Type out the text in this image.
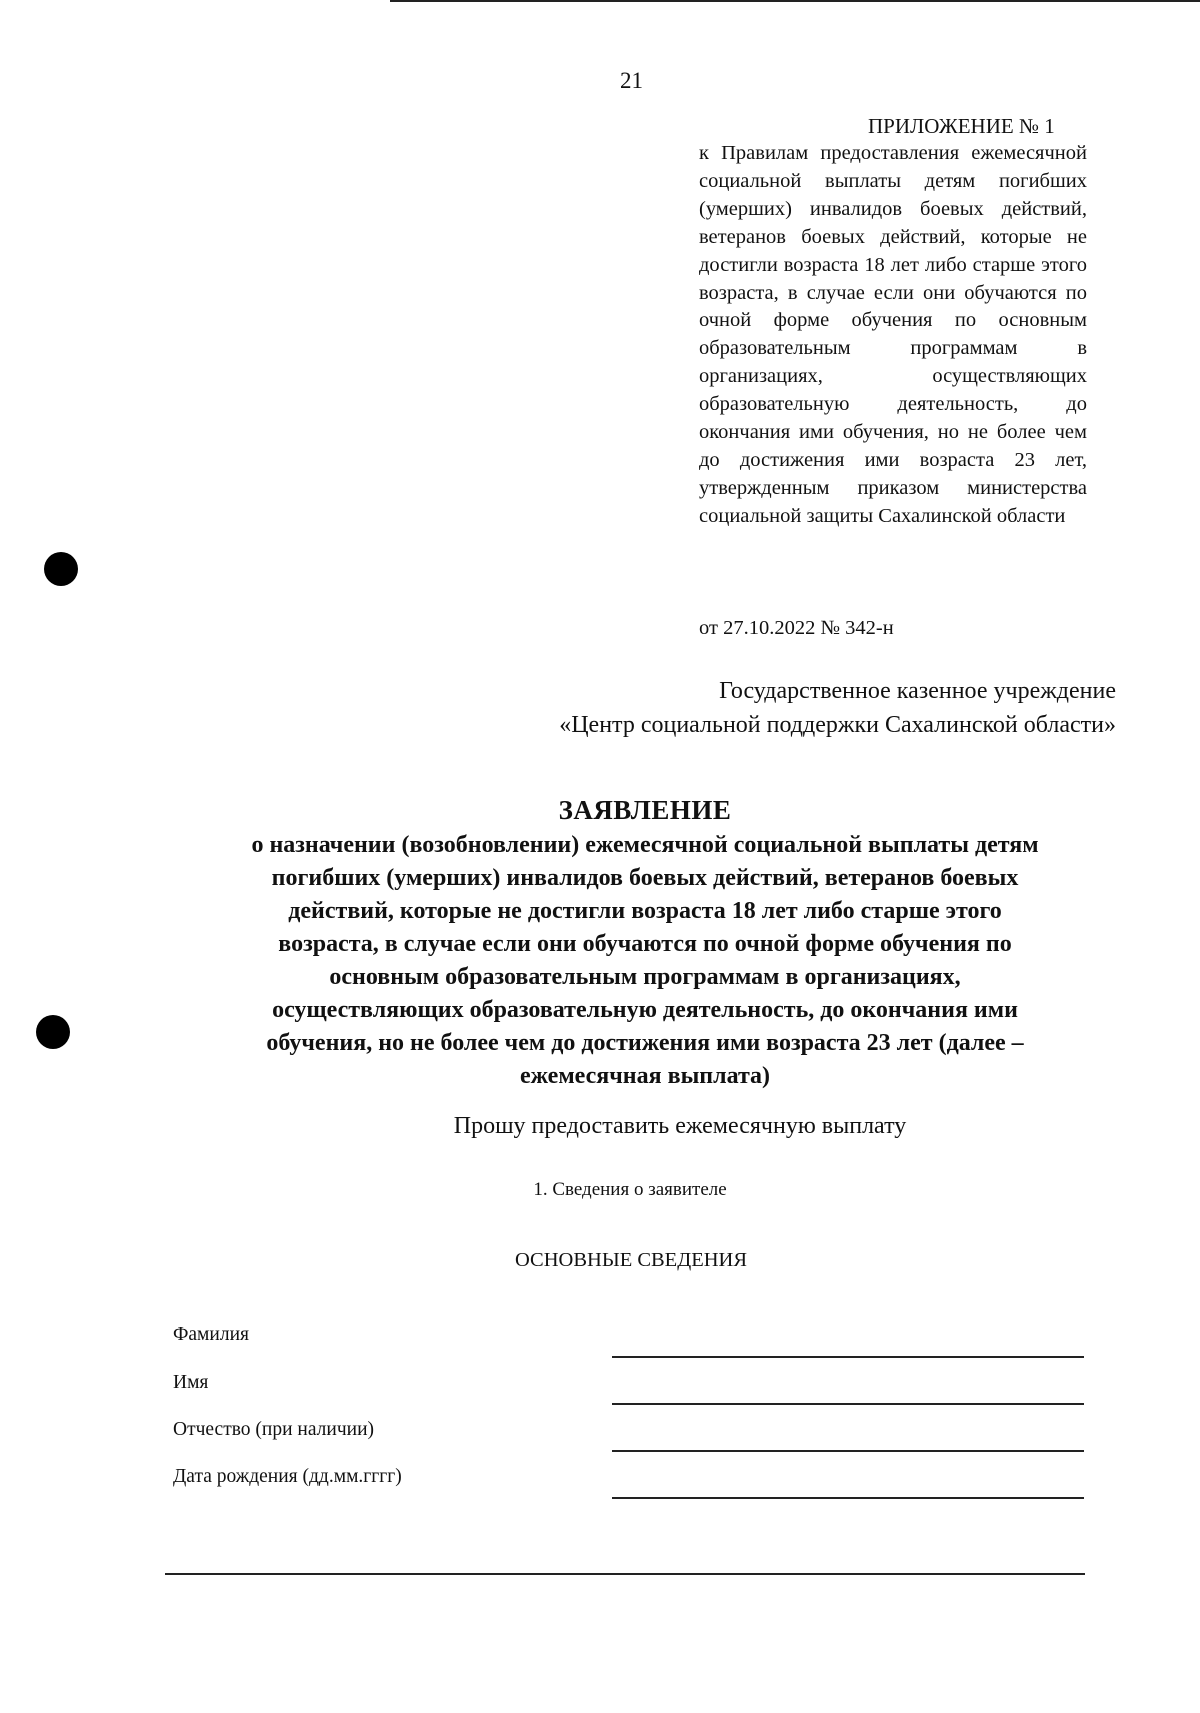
21
ПРИЛОЖЕНИЕ № 1
к Правилам предоставления ежемесячной социальной выплаты детям погибших (умерших) инвалидов боевых действий, ветеранов боевых действий, которые не достигли возраста 18 лет либо старше этого возраста, в случае если они обучаются по очной форме обучения по основным образовательным программам в организациях, осуществляющих образовательную деятельность, до окончания ими обучения, но не более чем до достижения ими возраста 23 лет, утвержденным приказом министерства социальной защиты Сахалинской области
от 27.10.2022 № 342-н
Государственное казенное учреждение
«Центр социальной поддержки Сахалинской области»
ЗАЯВЛЕНИЕ
о назначении (возобновлении) ежемесячной социальной выплаты детям
погибших (умерших) инвалидов боевых действий, ветеранов боевых
действий, которые не достигли возраста 18 лет либо старше этого
возраста, в случае если они обучаются по очной форме обучения по
основным образовательным программам в организациях,
осуществляющих образовательную деятельность, до окончания ими
обучения, но не более чем до достижения ими возраста 23 лет (далее –
ежемесячная выплата)
Прошу предоставить ежемесячную выплату
1. Сведения о заявителе
ОСНОВНЫЕ СВЕДЕНИЯ
Фамилия
Имя
Отчество (при наличии)
Дата рождения (дд.мм.гггг)
